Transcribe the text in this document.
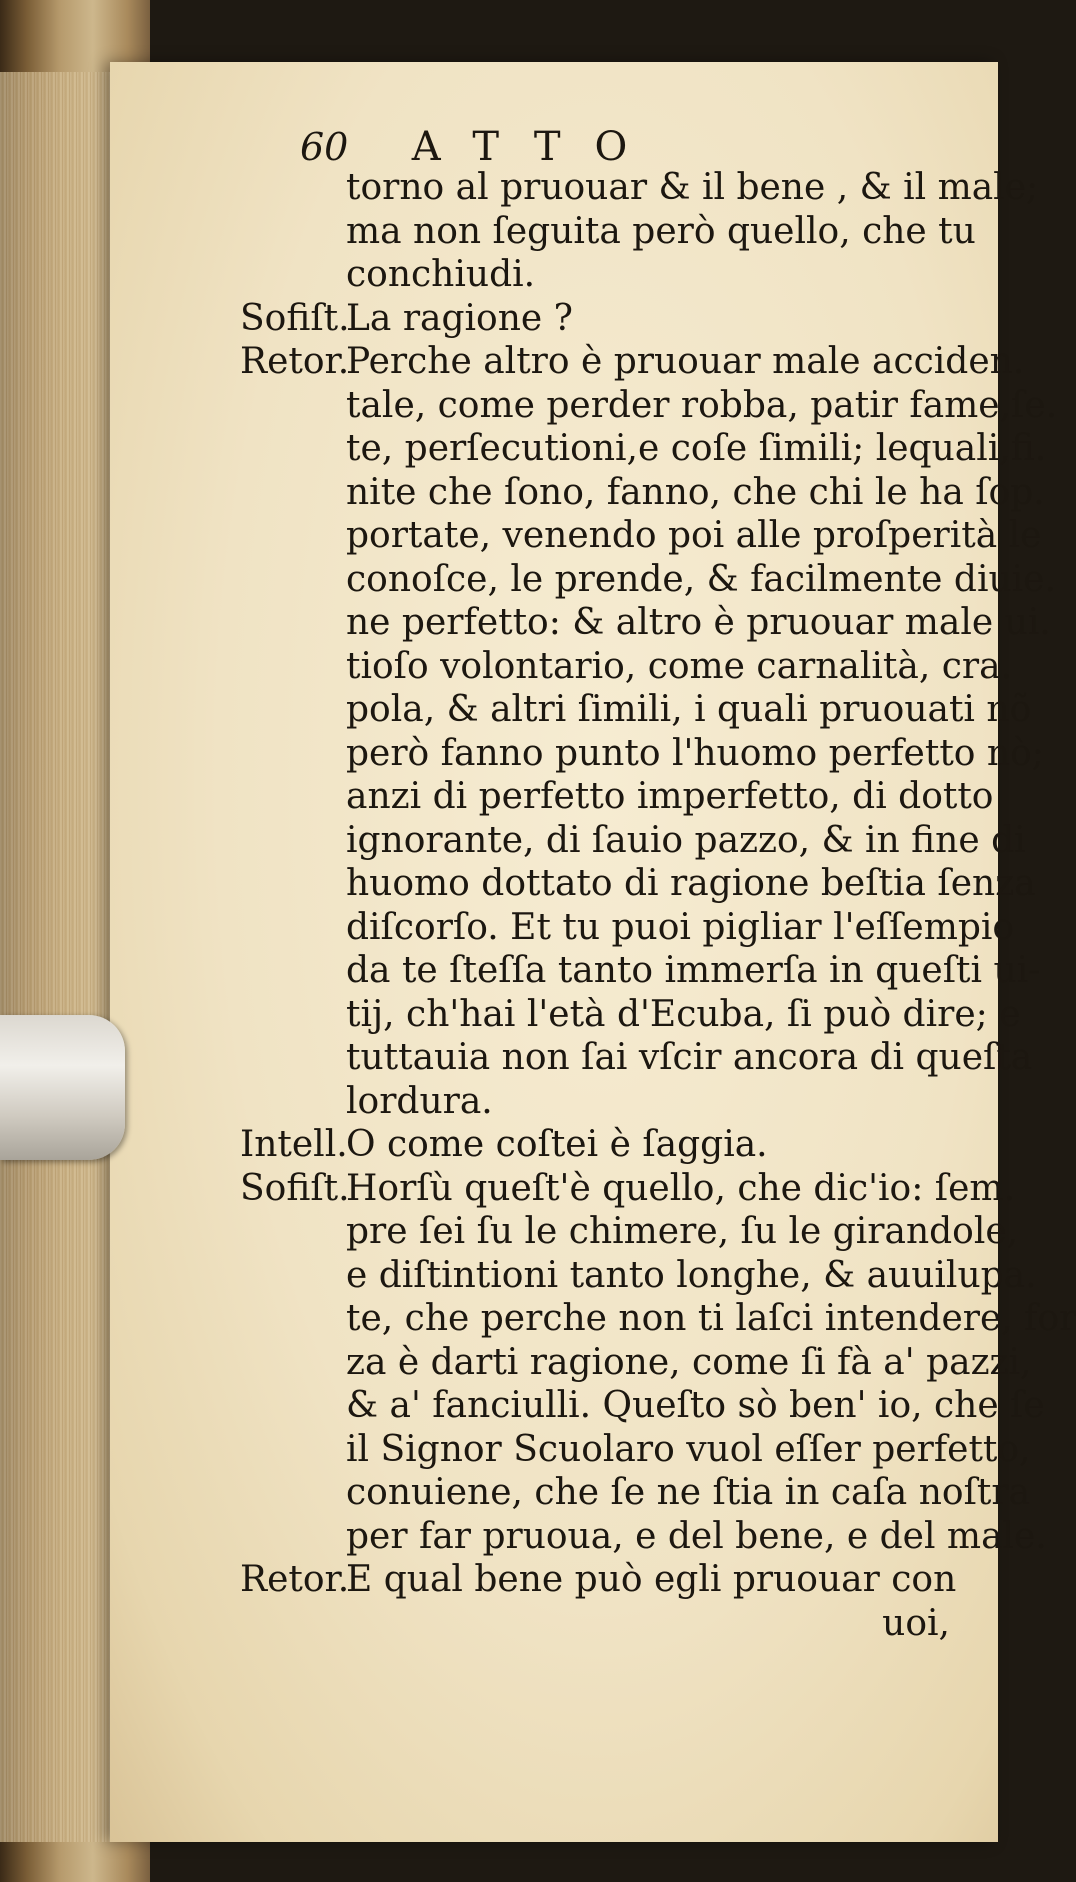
60 ATTO
torno al pruouar & il bene , & il male;
ma non ſeguita però quello, che tu
conchiudi.
Sofiſt.La ragione ?
Retor.Perche altro è pruouar male acciden.
tale, come perder robba, patir fame,ſe.
te, perſecutioni,e coſe ſimili; lequali,fi.
nite che ſono, fanno, che chi le ha ſop.
portate, venendo poi alle proſperità le
conoſce, le prende, & facilmente diuie.
ne perfetto: & altro è pruouar male ui.
tioſo volontario, come carnalità, cra.
pola, & altri ſimili, i quali pruouati nõ
però fanno punto l'huomo perfetto nò;
anzi di perfetto imperfetto, di dotto
ignorante, di ſauio pazzo, & in fine di
huomo dottato di ragione beſtia ſenza
diſcorſo. Et tu puoi pigliar l'eſſempio
da te ſteſſa tanto immerſa in queſti ui-
tij, ch'hai l'età d'Ecuba, ſi può dire; e
tuttauia non ſai vſcir ancora di queſta
lordura.
Intell.O come coſtei è ſaggia.
Sofiſt.Horſù queſt'è quello, che dic'io: ſem.
pre ſei ſu le chimere, ſu le girandole,
e diſtintioni tanto longhe, & auuilupa.
te, che perche non ti laſci intendere, for
za è darti ragione, come ſi fà a' pazzi,
& a' fanciulli. Queſto sò ben' io, che ſe
il Signor Scuolaro vuol eſſer perfetto,
conuiene, che ſe ne ſtia in caſa noſtra
per far pruoua, e del bene, e del male.
Retor.E qual bene può egli pruouar con
uoi,
